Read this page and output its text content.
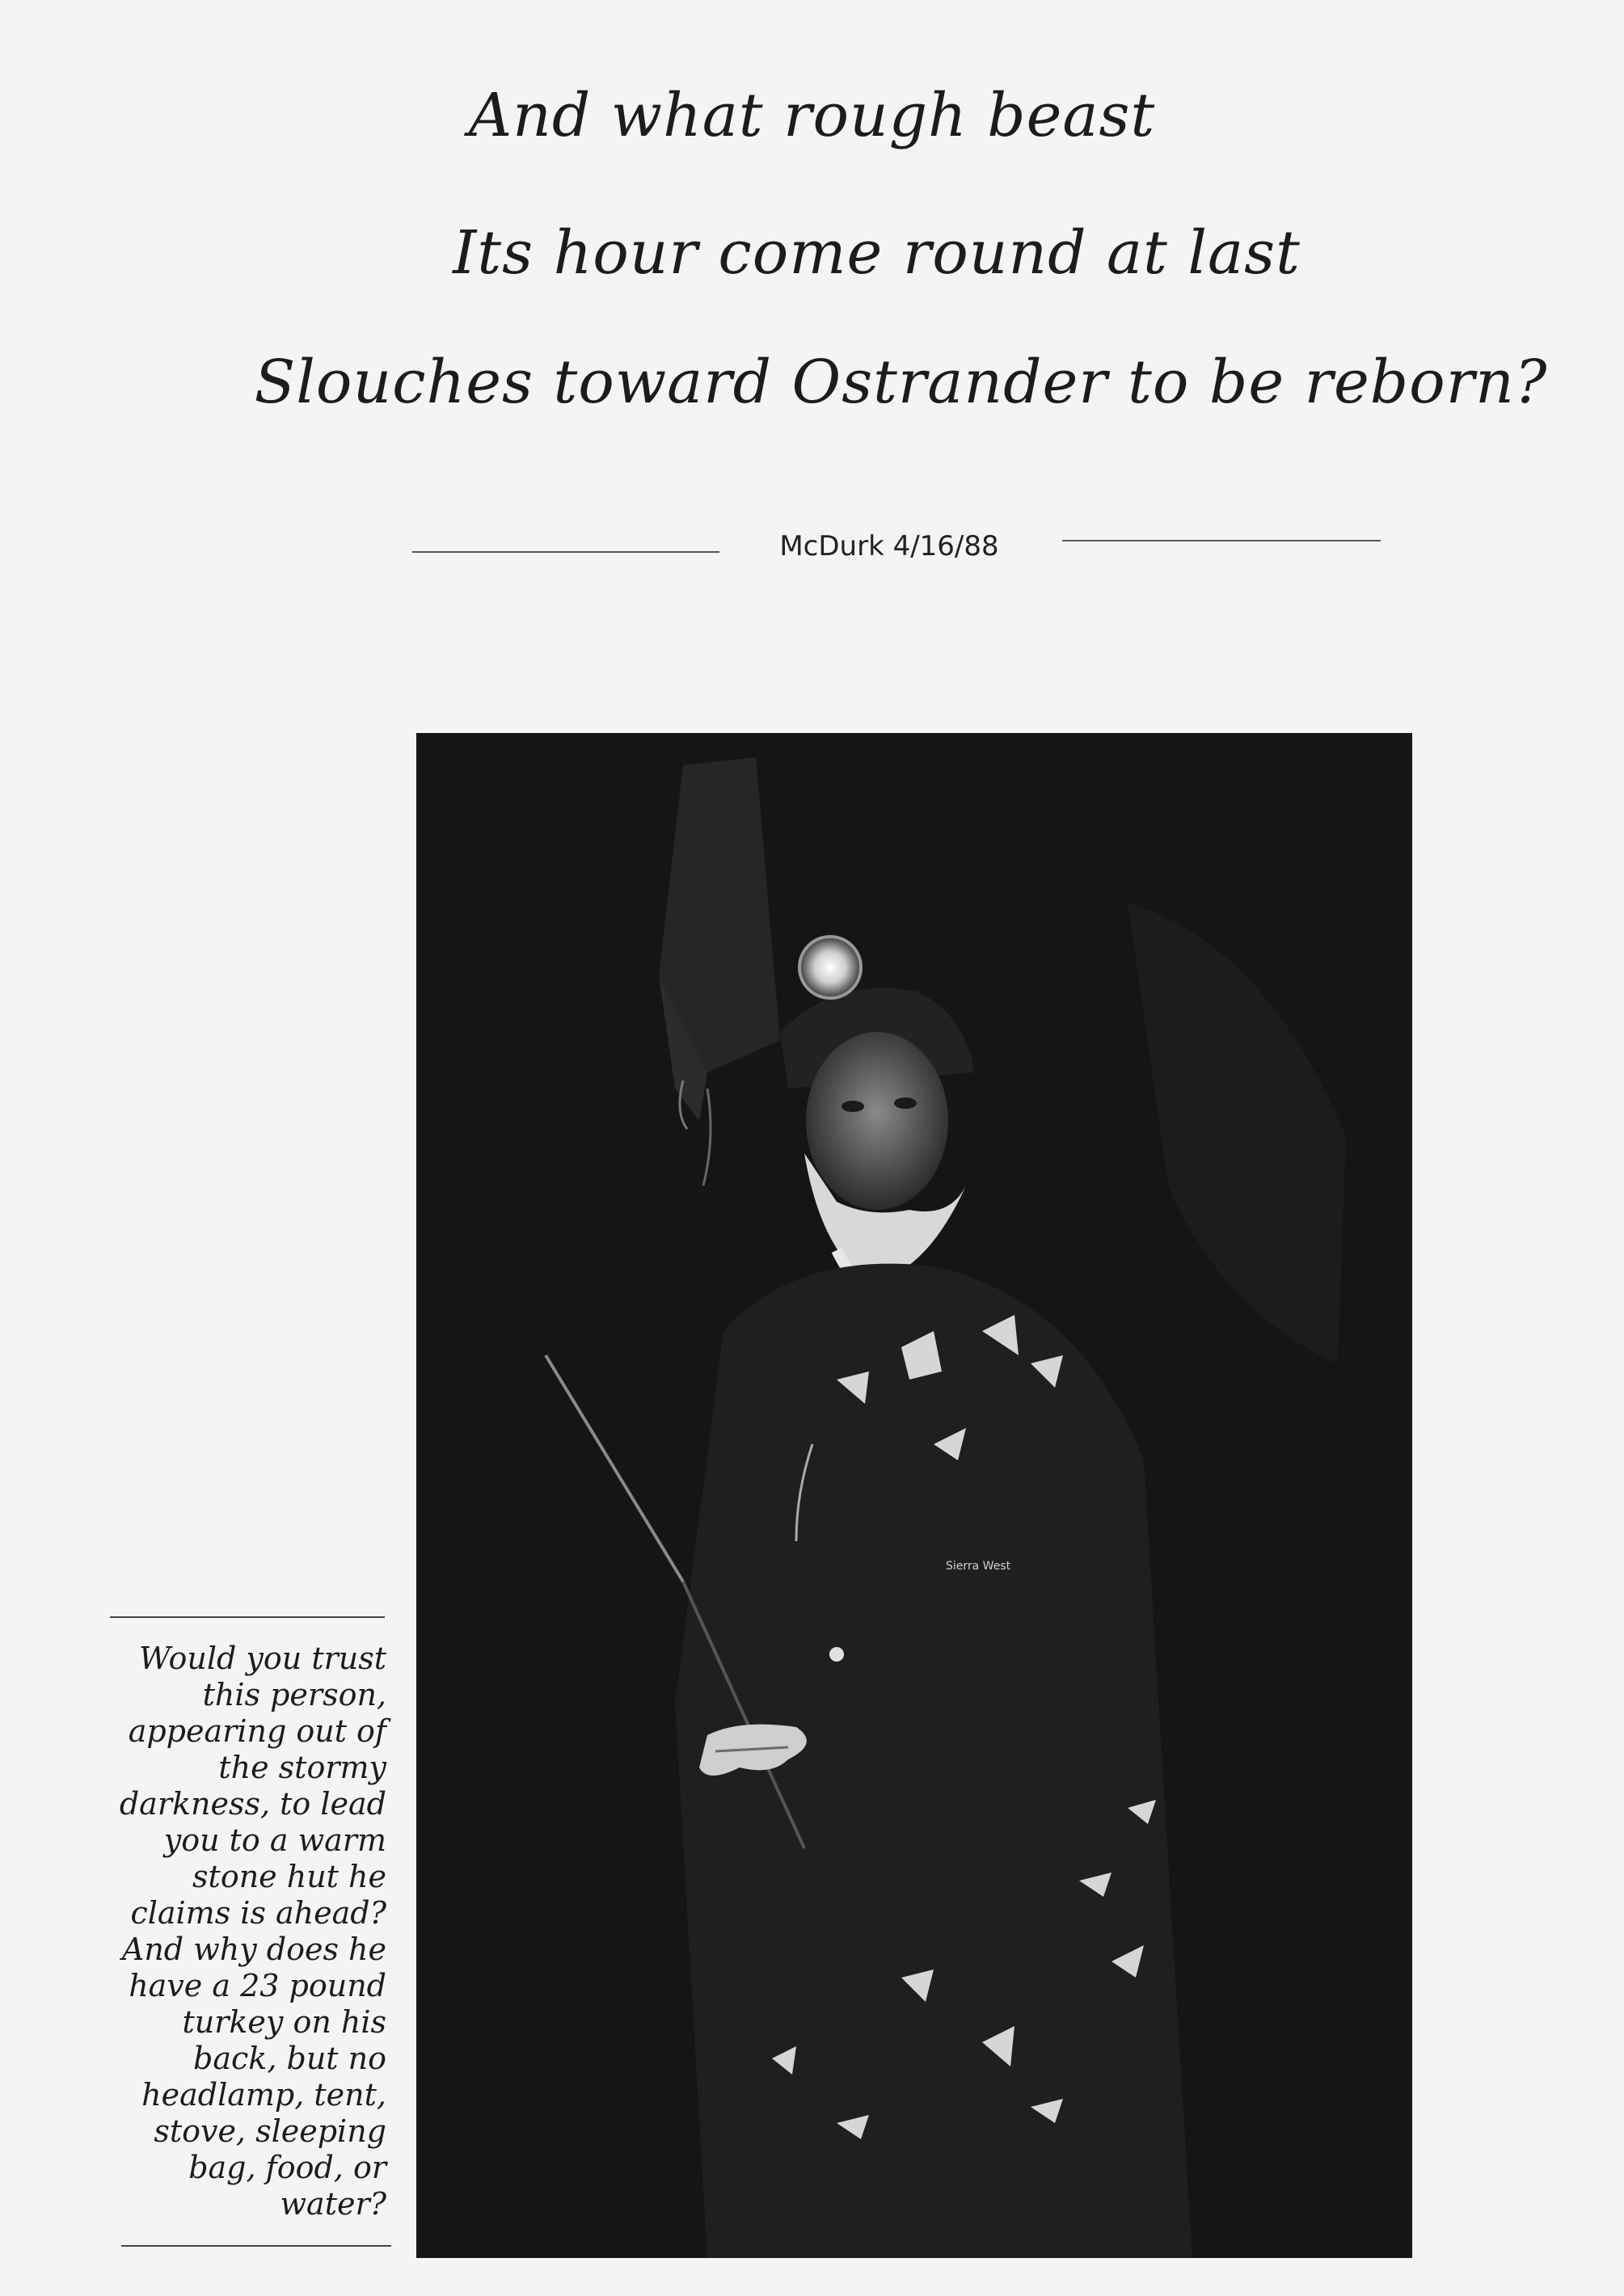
And what rough beast
Its hour come round at last
Slouches toward Ostrander to be reborn?
McDurk 4/16/88
Sierra West
Would you trust
this person,
appearing out of
the stormy
darkness, to lead
you to a warm
stone hut he
claims is ahead?
And why does he
have a 23 pound
turkey on his
back, but no
headlamp, tent,
stove, sleeping
bag, food, or
water?
